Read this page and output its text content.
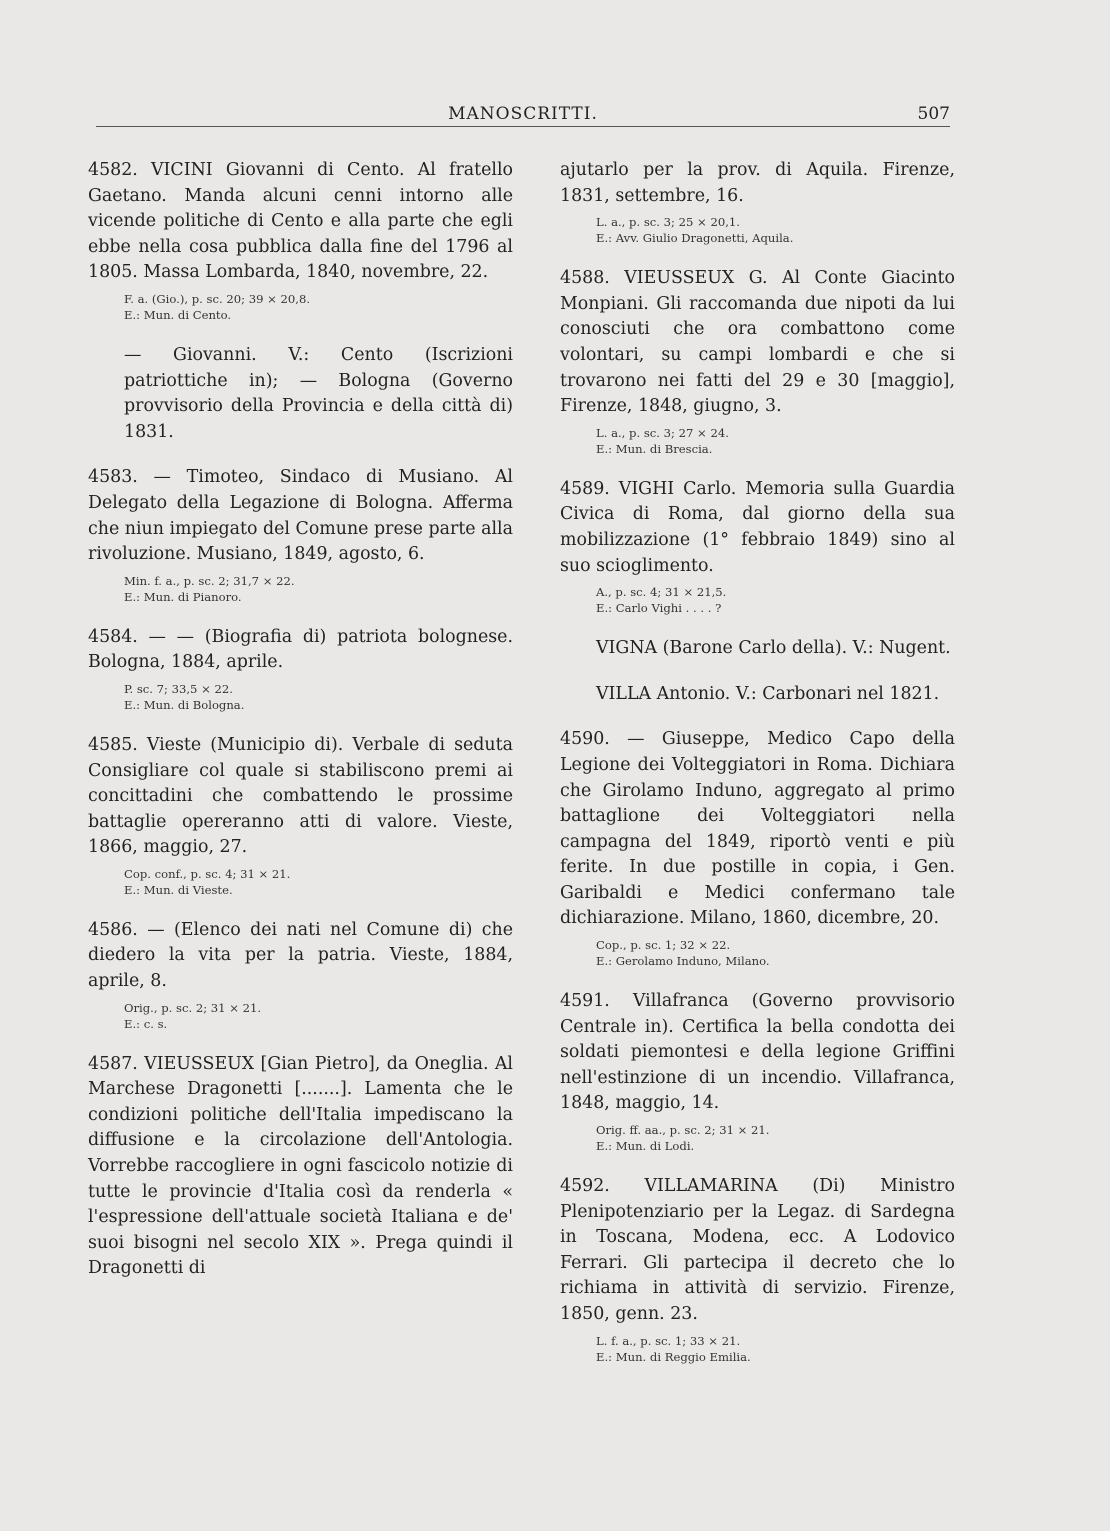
MANOSCRITTI.	507

4582. VICINI Giovanni di Cento. Al fratello Gaetano. Manda alcuni cenni intorno alle vicende politiche di Cento e alla parte che egli ebbe nella cosa pubblica dalla fine del 1796 al 1805. Massa Lombarda, 1840, novembre, 22.

F. a. (Gio.), p. sc. 20; 39 × 20,8.
E.: Mun. di Cento.

— Giovanni. V.: Cento (Iscrizioni patriottiche in); — Bologna (Governo provvisorio della Provincia e della città di) 1831.

4583. — Timoteo, Sindaco di Musiano. Al Delegato della Legazione di Bologna. Afferma che niun impiegato del Comune prese parte alla rivoluzione. Musiano, 1849, agosto, 6.

Min. f. a., p. sc. 2; 31,7 × 22.
E.: Mun. di Pianoro.

4584. — — (Biografia di) patriota bolognese. Bologna, 1884, aprile.

P. sc. 7; 33,5 × 22.
E.: Mun. di Bologna.

4585. Vieste (Municipio di). Verbale di seduta Consigliare col quale si stabiliscono premi ai concittadini che combattendo le prossime battaglie opereranno atti di valore. Vieste, 1866, maggio, 27.

Cop. conf., p. sc. 4; 31 × 21.
E.: Mun. di Vieste.

4586. — (Elenco dei nati nel Comune di) che diedero la vita per la patria. Vieste, 1884, aprile, 8.

Orig., p. sc. 2; 31 × 21.
E.: c. s.

4587. VIEUSSEUX [Gian Pietro], da Oneglia. Al Marchese Dragonetti [.......]. Lamenta che le condizioni politiche dell'Italia impediscano la diffusione e la circolazione dell'Antologia. Vorrebbe raccogliere in ogni fascicolo notizie di tutte le provincie d'Italia così da renderla « l'espressione dell'attuale società Italiana e de' suoi bisogni nel secolo XIX ». Prega quindi il Dragonetti di

ajutarlo per la prov. di Aquila. Firenze, 1831, settembre, 16.

L. a., p. sc. 3; 25 × 20,1.
E.: Avv. Giulio Dragonetti, Aquila.

4588. VIEUSSEUX G. Al Conte Giacinto Monpiani. Gli raccomanda due nipoti da lui conosciuti che ora combattono come volontari, su campi lombardi e che si trovarono nei fatti del 29 e 30 [maggio], Firenze, 1848, giugno, 3.

L. a., p. sc. 3; 27 × 24.
E.: Mun. di Brescia.

4589. VIGHI Carlo. Memoria sulla Guardia Civica di Roma, dal giorno della sua mobilizzazione (1° febbraio 1849) sino al suo scioglimento.

A., p. sc. 4; 31 × 21,5.
E.: Carlo Vighi . . . . ?

VIGNA (Barone Carlo della). V.: Nugent.

VILLA Antonio. V.: Carbonari nel 1821.

4590. — Giuseppe, Medico Capo della Legione dei Volteggiatori in Roma. Dichiara che Girolamo Induno, aggregato al primo battaglione dei Volteggiatori nella campagna del 1849, riportò venti e più ferite. In due postille in copia, i Gen. Garibaldi e Medici confermano tale dichiarazione. Milano, 1860, dicembre, 20.

Cop., p. sc. 1; 32 × 22.
E.: Gerolamo Induno, Milano.

4591. Villafranca (Governo provvisorio Centrale in). Certifica la bella condotta dei soldati piemontesi e della legione Griffini nell'estinzione di un incendio. Villafranca, 1848, maggio, 14.

Orig. ff. aa., p. sc. 2; 31 × 21.
E.: Mun. di Lodi.

4592. VILLAMARINA (Di) Ministro Plenipotenziario per la Legaz. di Sardegna in Toscana, Modena, ecc. A Lodovico Ferrari. Gli partecipa il decreto che lo richiama in attività di servizio. Firenze, 1850, genn. 23.

L. f. a., p. sc. 1; 33 × 21.
E.: Mun. di Reggio Emilia.
